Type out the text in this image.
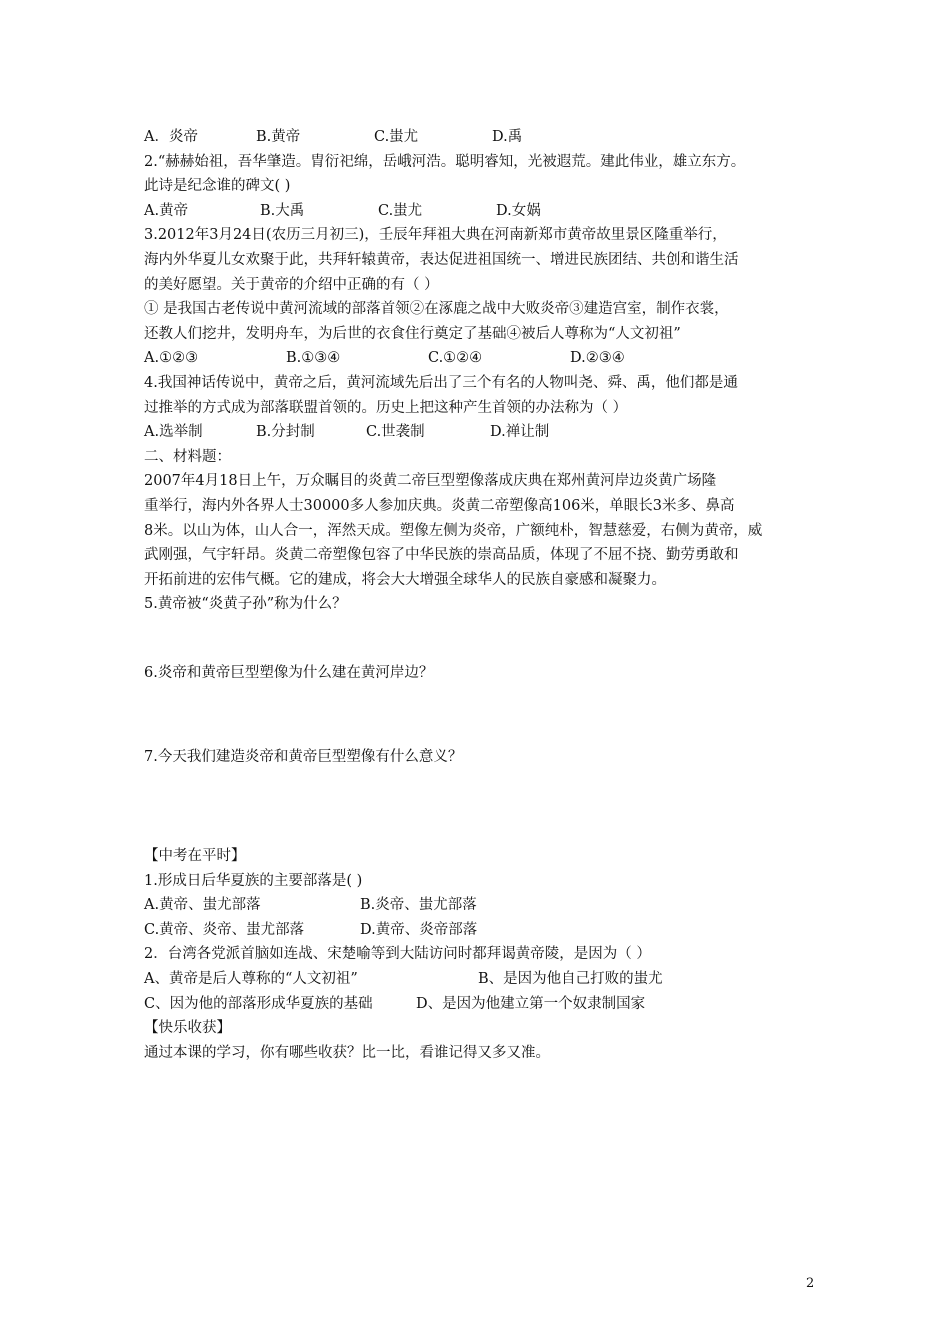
A．炎帝	B.黄帝	C.蚩尤	D.禹
2.“赫赫始祖，吾华肇造。胄衍祀绵，岳峨河浩。聪明睿知，光被遐荒。建此伟业，雄立东方。
此诗是纪念谁的碑文( )
A.黄帝	B.大禹	C.蚩尤	D.女娲
3.2012年3月24日(农历三月初三)，壬辰年拜祖大典在河南新郑市黄帝故里景区隆重举行，
海内外华夏儿女欢聚于此，共拜轩辕黄帝，表达促进祖国统一、增进民族团结、共创和谐生活
的美好愿望。关于黄帝的介绍中正确的有（ ）
① 是我国古老传说中黄河流域的部落首领②在涿鹿之战中大败炎帝③建造宫室，制作衣裳，
还教人们挖井，发明舟车，为后世的衣食住行奠定了基础④被后人尊称为“人文初祖”
A.①②③	B.①③④	C.①②④	D.②③④
4.我国神话传说中，黄帝之后，黄河流域先后出了三个有名的人物叫尧、舜、禹，他们都是通
过推举的方式成为部落联盟首领的。历史上把这种产生首领的办法称为（ ）
A.选举制	B.分封制	C.世袭制	D.禅让制
二、材料题：
2007年4月18日上午，万众瞩目的炎黄二帝巨型塑像落成庆典在郑州黄河岸边炎黄广场隆
重举行，海内外各界人士30000多人参加庆典。炎黄二帝塑像高106米，单眼长3米多、鼻高
8米。以山为体，山人合一，浑然天成。塑像左侧为炎帝，广额纯朴，智慧慈爱，右侧为黄帝，威
武刚强，气宇轩昂。炎黄二帝塑像包容了中华民族的崇高品质，体现了不屈不挠、勤劳勇敢和
开拓前进的宏伟气概。它的建成，将会大大增强全球华人的民族自豪感和凝聚力。
5.黄帝被“炎黄子孙”称为什么？
6.炎帝和黄帝巨型塑像为什么建在黄河岸边？
7.今天我们建造炎帝和黄帝巨型塑像有什么意义？
【中考在平时】
1.形成日后华夏族的主要部落是( )
A.黄帝、蚩尤部落	B.炎帝、蚩尤部落
C.黄帝、炎帝、蚩尤部落	D.黄帝、炎帝部落
2．台湾各党派首脑如连战、宋楚喻等到大陆访问时都拜谒黄帝陵，是因为（ ）
A、黄帝是后人尊称的“人文初祖”	B、是因为他自己打败的蚩尤
C、因为他的部落形成华夏族的基础	D、是因为他建立第一个奴隶制国家
【快乐收获】
通过本课的学习，你有哪些收获？比一比，看谁记得又多又准。
2
